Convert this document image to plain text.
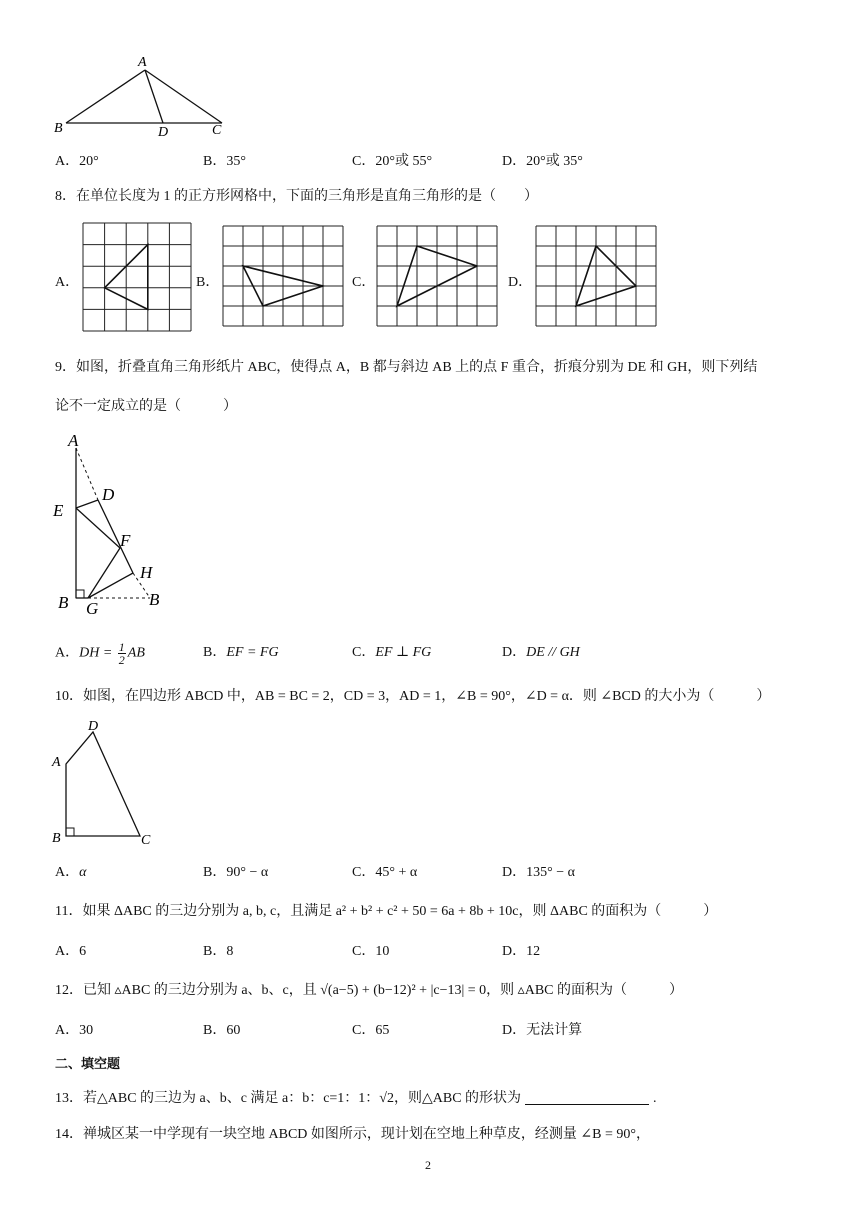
A
B	D	C
A．20°	B．35°	C．20°或 55°	D．20°或 35°
8．在单位长度为 1 的正方形网格中，下面的三角形是直角三角形的是（　　）
A．	B．	C．	D．
9．如图，折叠直角三角形纸片 ABC，使得点 A，B 都与斜边 AB 上的点 F 重合，折痕分别为 DE 和 GH，则下列结
论不一定成立的是（　　　）
A
D
E
F
H
B G	B
A．DH = $\frac{1}{2}$ AB	B．EF = FG	C．EF ⊥ FG	D．DE // GH
10．如图，在四边形 ABCD 中，AB = BC = 2，CD = 3，AD = 1，∠B = 90°，∠D = α．则 ∠BCD 的大小为（　　　）
D
A
B	C
A．α	B．90° − α	C．45° + α	D．135° − α
11．如果 ΔABC 的三边分别为 a, b, c，且满足 a² + b² + c² + 50 = 6a + 8b + 10c，则 ΔABC 的面积为（　　　）
A．6	B．8	C．10	D．12
12．已知 ▵ABC 的三边分别为 a、b、c，且 √(a−5) + (b−12)² + |c−13| = 0，则 ▵ABC 的面积为（　　　）
A．30	B．60	C．65	D．无法计算
二、填空题
13．若△ABC 的三边为 a、b、c 满足 a：b：c=1：1：√2，则△ABC 的形状为	.
14．禅城区某一中学现有一块空地 ABCD 如图所示，现计划在空地上种草皮，经测量 ∠B = 90°，
2
